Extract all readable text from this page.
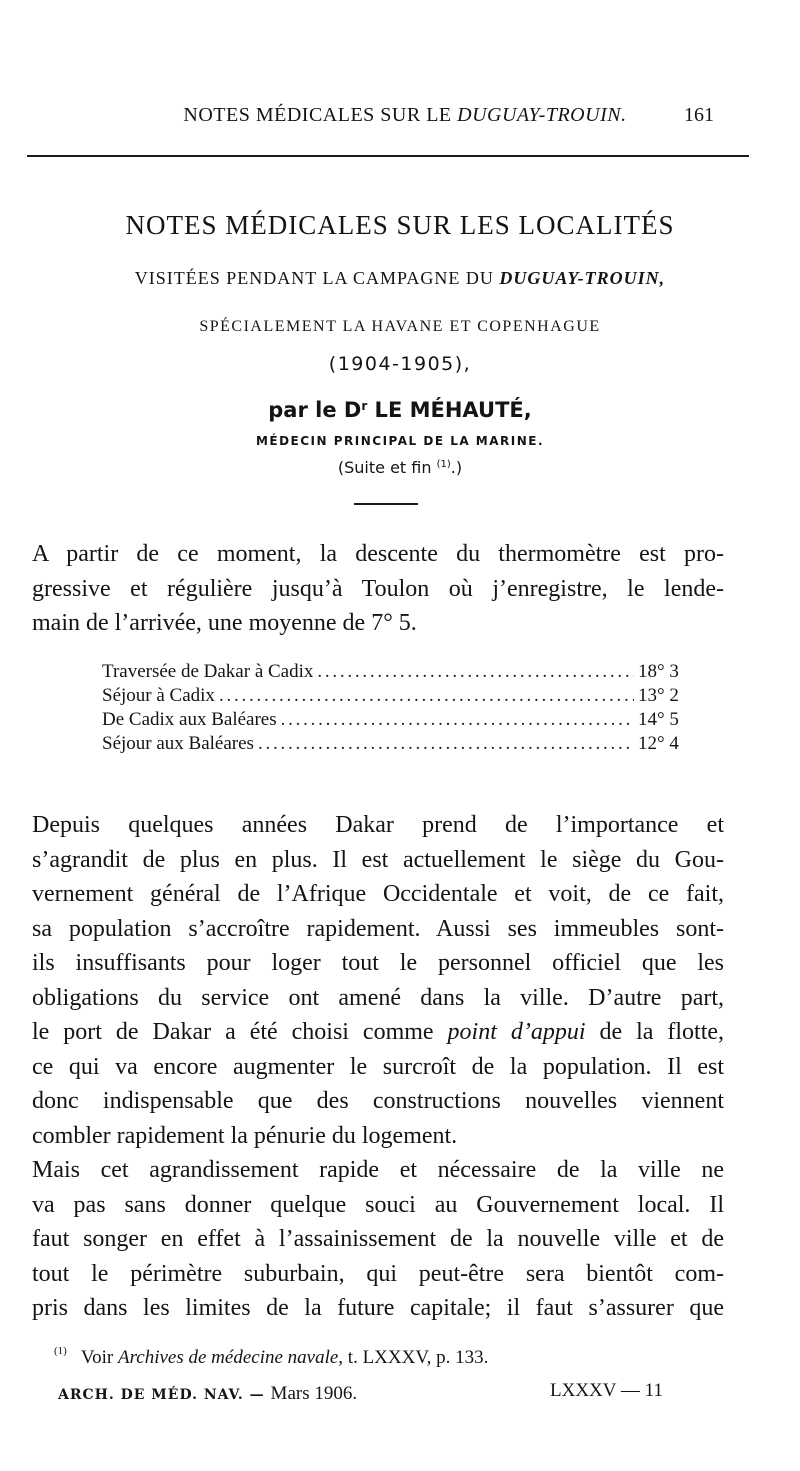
NOTES MÉDICALES SUR LE DUGUAY-TROUIN.	161
NOTES MÉDICALES SUR LES LOCALITÉS
VISITÉES PENDANT LA CAMPAGNE DU DUGUAY-TROUIN,
SPÉCIALEMENT LA HAVANE ET COPENHAGUE
(1904-1905),
par le $D^r$ LE MÉHAUTÉ,
MÉDECIN PRINCIPAL DE LA MARINE.
(Suite et fin $^{(1)}$.)
A partir de ce moment, la descente du thermomètre est pro-
gressive et régulière jusqu’à Toulon où j’enregistre, le lende-
main de l’arrivée, une moyenne de 7° 5.
Traversée de Dakar à Cadix . . .	18° 3
Séjour à Cadix . . .	13° 2
De Cadix aux Baléares . . .	14° 5
Séjour aux Baléares . . .	12° 4
Depuis quelques années Dakar prend de l’importance et
s’agrandit de plus en plus. Il est actuellement le siège du Gou-
vernement général de l’Afrique Occidentale et voit, de ce fait,
sa population s’accroître rapidement. Aussi ses immeubles sont-
ils insuffisants pour loger tout le personnel officiel que les
obligations du service ont amené dans la ville. D’autre part,
le port de Dakar a été choisi comme point d’appui de la flotte,
ce qui va encore augmenter le surcroît de la population. Il est
donc indispensable que des constructions nouvelles viennent
combler rapidement la pénurie du logement.
Mais cet agrandissement rapide et nécessaire de la ville ne
va pas sans donner quelque souci au Gouvernement local. Il
faut songer en effet à l’assainissement de la nouvelle ville et de
tout le périmètre suburbain, qui peut-être sera bientôt com-
pris dans les limites de la future capitale; il faut s’assurer que
$^{(1)}$ Voir Archives de médecine navale, t. LXXXV, p. 133.
ARCH. DE MÉD. NAV. — Mars 1906.	LXXXV — 11
